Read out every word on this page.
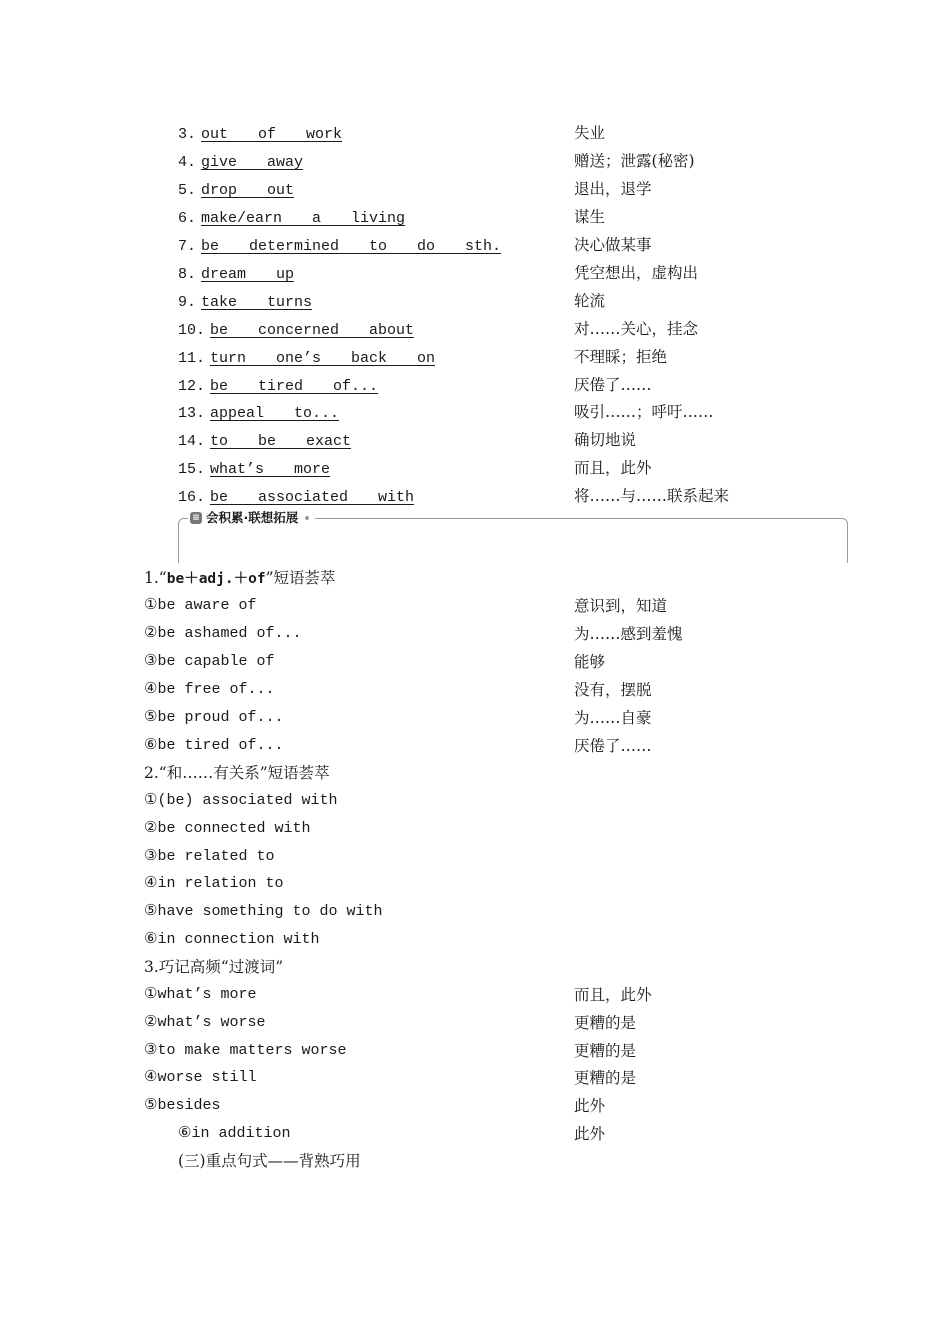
3. out  of  work	失业
4. give  away	赠送；泄露(秘密)
5. drop  out	退出，退学
6. make/earn  a  living	谋生
7. be  determined  to  do  sth.	决心做某事
8. dream  up	凭空想出，虚构出
9. take  turns	轮流
10. be  concerned  about	对……关心，挂念
11. turn  one’s  back  on	不理睬；拒绝
12. be  tired  of...	厌倦了……
13. appeal  to...	吸引……；呼吁……
14. to  be  exact	确切地说
15. what’s  more	而且，此外
16. be  associated  with	将……与……联系起来
≡ 会积累·联想拓展
1.“be＋adj.＋of”短语荟萃
①be aware of	意识到，知道
②be ashamed of...	为……感到羞愧
③be capable of	能够
④be free of...	没有，摆脱
⑤be proud of...	为……自豪
⑥be tired of...	厌倦了……
2.“和……有关系”短语荟萃
①(be) associated with
②be connected with
③be related to
④in relation to
⑤have something to do with
⑥in connection with
3.巧记高频“过渡词”
①what’s more	而且，此外
②what’s worse	更糟的是
③to make matters worse	更糟的是
④worse still	更糟的是
⑤besides	此外
⑥in addition	此外
(三)重点句式——背熟巧用
